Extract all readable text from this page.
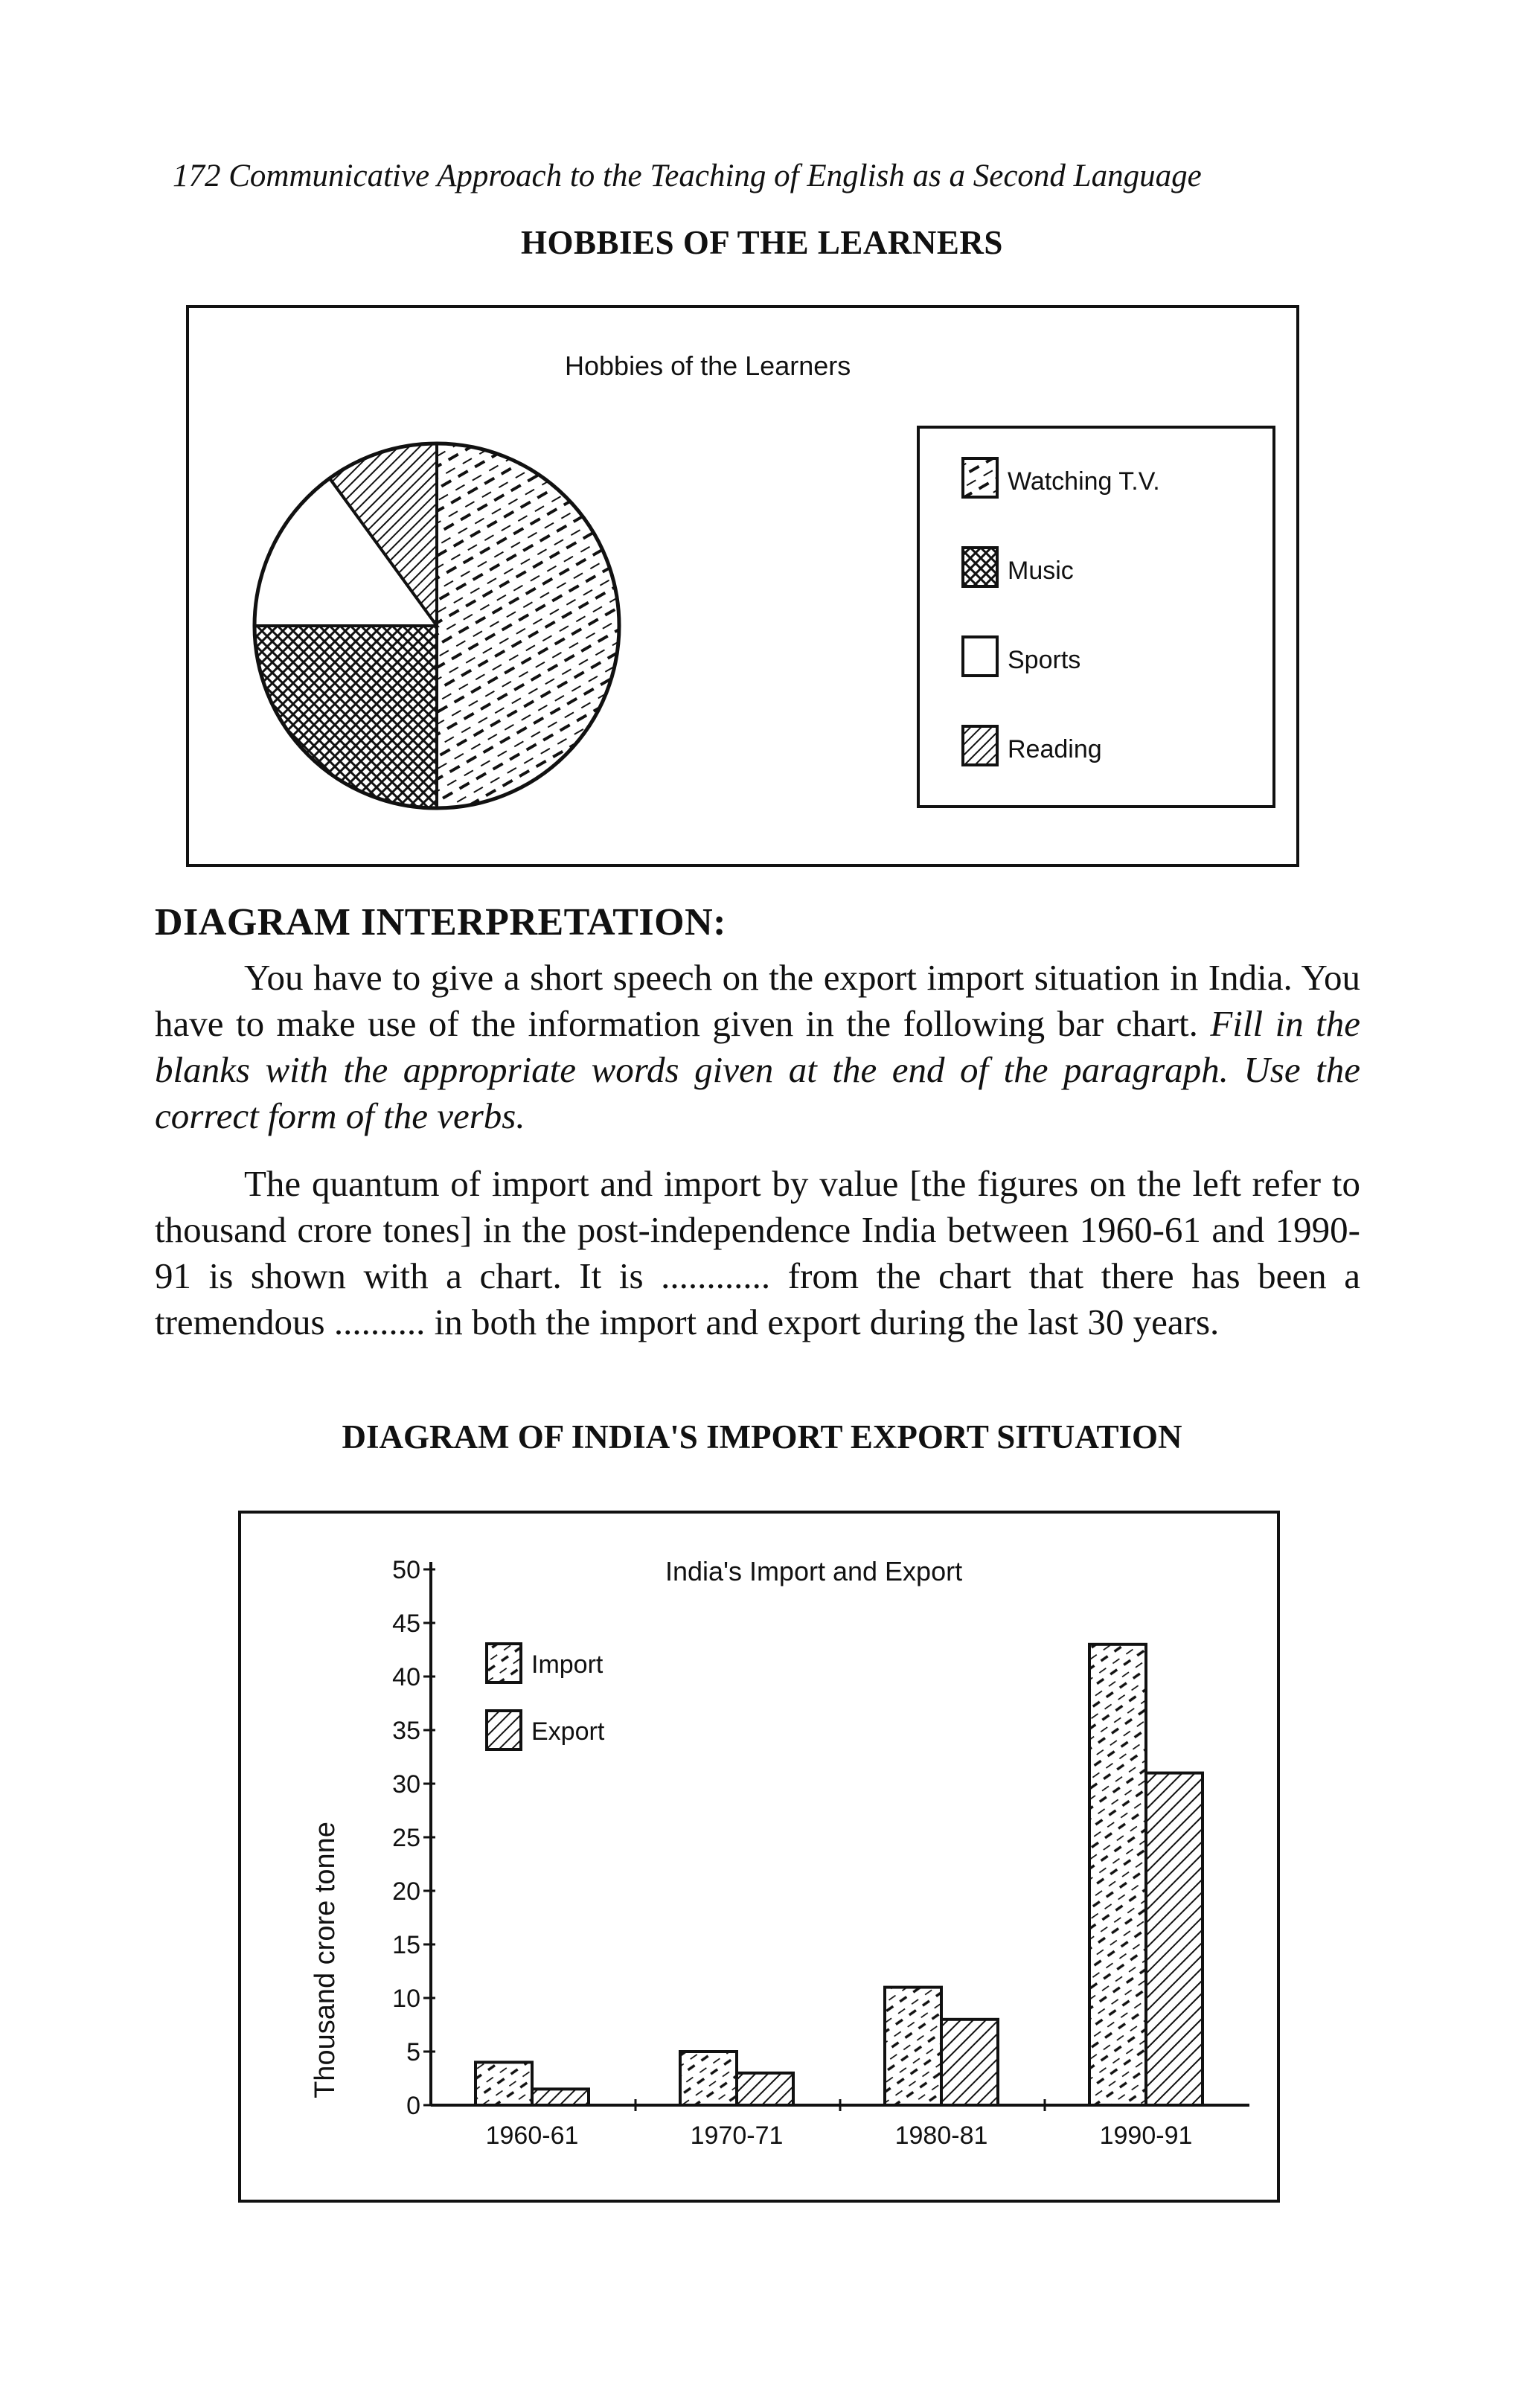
172 Communicative Approach to the Teaching of English as a Second Language
HOBBIES OF THE LEARNERS
Hobbies of the Learners
Watching T.V.
Music
Sports
Reading
DIAGRAM INTERPRETATION:
You have to give a short speech on the export import situation in India. You have to make use of the information given in the following bar chart. Fill in the blanks with the appropriate words given at the end of the paragraph. Use the correct form of the verbs.
The quantum of import and import by value [the figures on the left refer to thousand crore tones] in the post-independence India between 1960-61 and 1990-91 is shown with a chart. It is ............ from the chart that there has been a tremendous .......... in both the import and export during the last 30 years.
DIAGRAM OF INDIA'S IMPORT EXPORT SITUATION
India's Import and Export
Thousand crore tonne
0
5
10
15
20
25
30
35
40
45
50
1960-61	1970-71	1980-81	1990-91
Import
Export
